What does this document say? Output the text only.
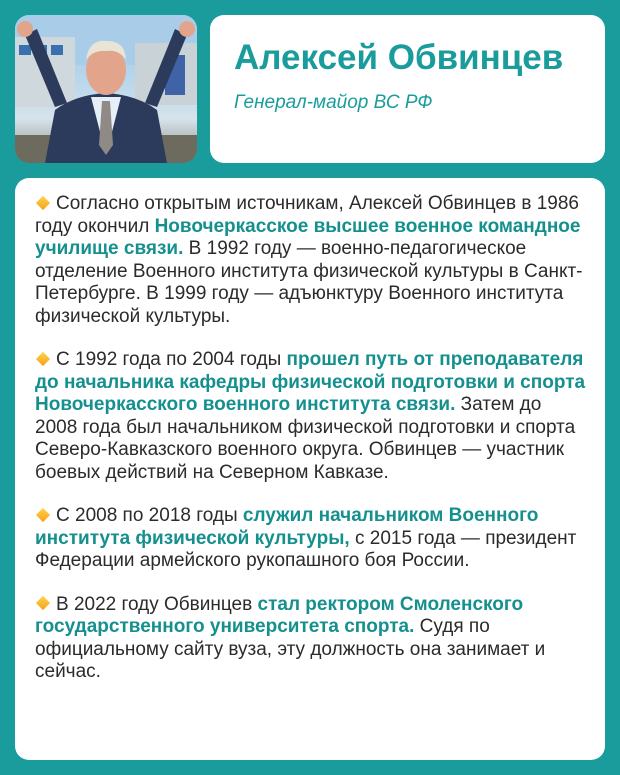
Алексей Обвинцев
Генерал-майор ВС РФ

Согласно открытым источникам, Алексей Обвинцев в 1986 году окончил Новочеркасское высшее военное командное училище связи. В 1992 году — военно-педагогическое отделение Военного института физической культуры в Санкт-Петербурге. В 1999 году — адъюнктуру Военного института физической культуры.

С 1992 года по 2004 годы прошел путь от преподавателя до начальника кафедры физической подготовки и спорта Новочеркасского военного института связи. Затем до 2008 года был начальником физической подготовки и спорта Северо-Кавказского военного округа. Обвинцев — участник боевых действий на Северном Кавказе.

С 2008 по 2018 годы служил начальником Военного института физической культуры, с 2015 года — президент Федерации армейского рукопашного боя России.

В 2022 году Обвинцев стал ректором Смоленского государственного университета спорта. Судя по официальному сайту вуза, эту должность она занимает и сейчас.
